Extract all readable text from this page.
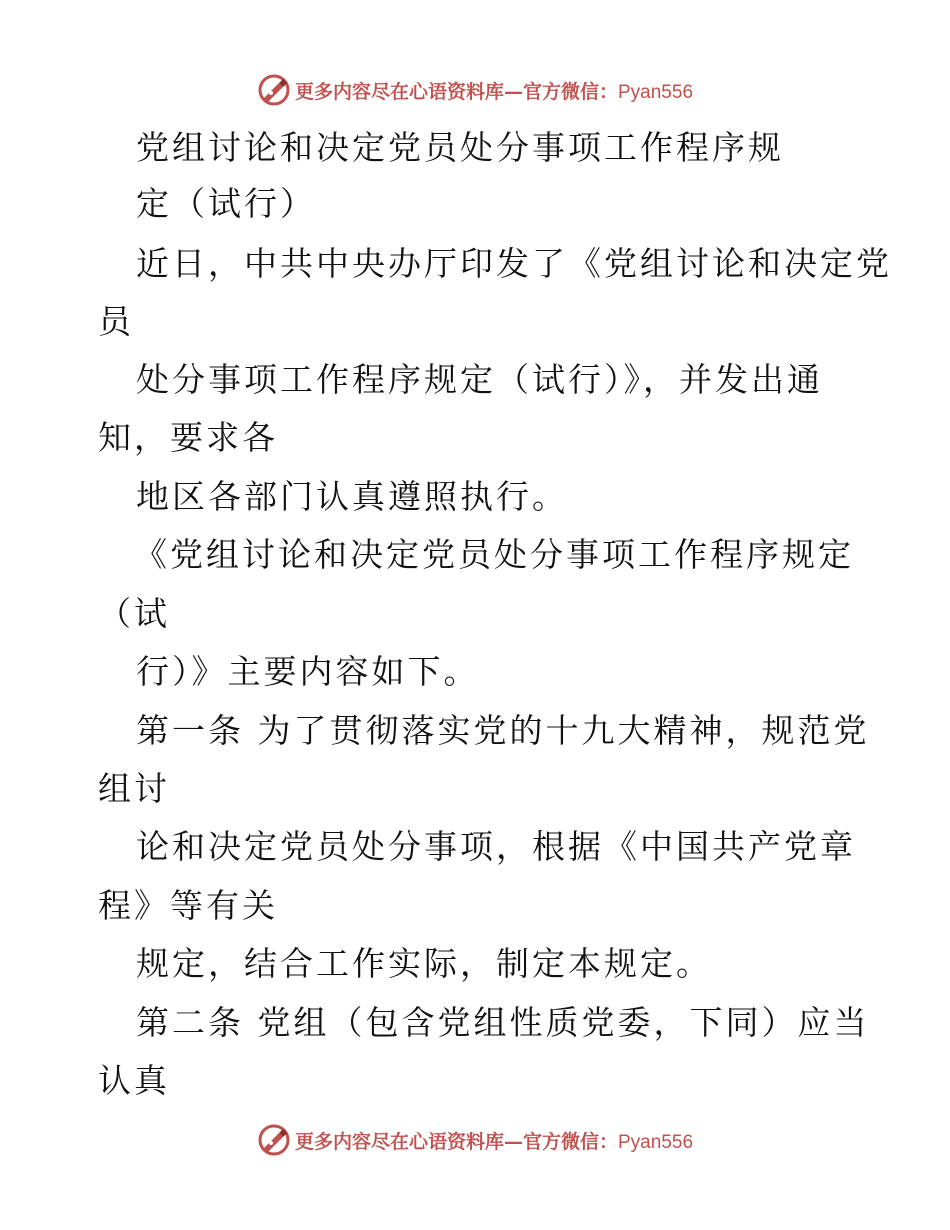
更多内容尽在心语资料库—官方微信：Pyan556
党组讨论和决定党员处分事项工作程序规
定（试行）
近日，中共中央办厅印发了《党组讨论和决定党
员
处分事项工作程序规定（试行）》，并发出通
知，要求各
地区各部门认真遵照执行。
《党组讨论和决定党员处分事项工作程序规定
（试
行）》主要内容如下。
第一条 为了贯彻落实党的十九大精神，规范党
组讨
论和决定党员处分事项，根据《中国共产党章
程》等有关
规定，结合工作实际，制定本规定。
第二条 党组（包含党组性质党委，下同）应当
认真
更多内容尽在心语资料库—官方微信：Pyan556
